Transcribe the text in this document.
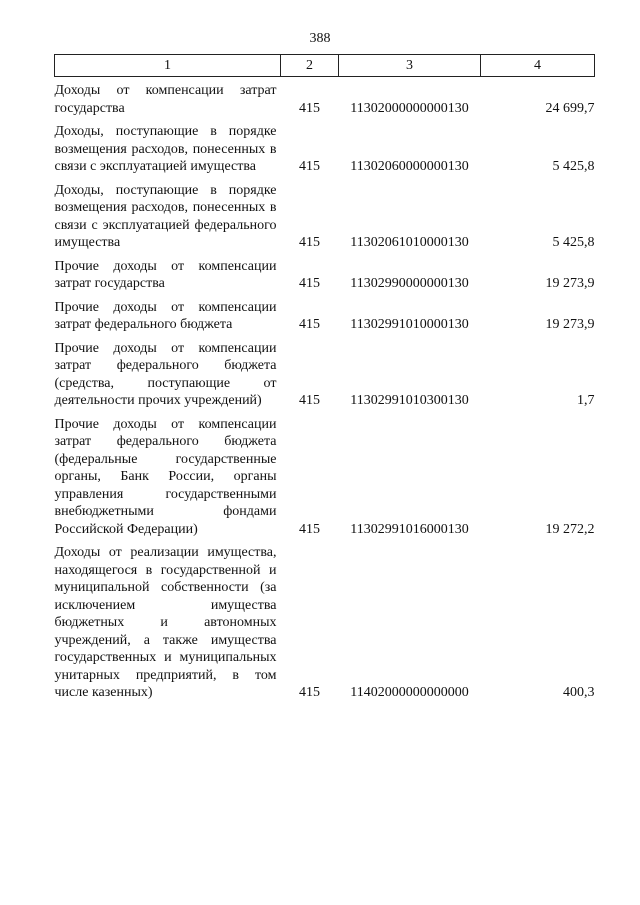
388
1	2	3	4

Доходы от компенсации затрат государства	415	11302000000000130	24 699,7
Доходы, поступающие в порядке возмещения расходов, понесенных в связи с эксплуатацией имущества	415	11302060000000130	5 425,8
Доходы, поступающие в порядке возмещения расходов, понесенных в связи с эксплуатацией федерального имущества	415	11302061010000130	5 425,8
Прочие доходы от компенсации затрат государства	415	11302990000000130	19 273,9
Прочие доходы от компенсации затрат федерального бюджета	415	11302991010000130	19 273,9
Прочие доходы от компенсации затрат федерального бюджета (средства, поступающие от деятельности прочих учреждений)	415	11302991010300130	1,7
Прочие доходы от компенсации затрат федерального бюджета (федеральные государственные органы, Банк России, органы управления государственными внебюджетными фондами Российской Федерации)	415	11302991016000130	19 272,2
Доходы от реализации имущества, находящегося в государственной и муниципальной собственности (за исключением имущества бюджетных и автономных учреждений, а также имущества государственных и муниципальных унитарных предприятий, в том числе казенных)	415	11402000000000000	400,3
